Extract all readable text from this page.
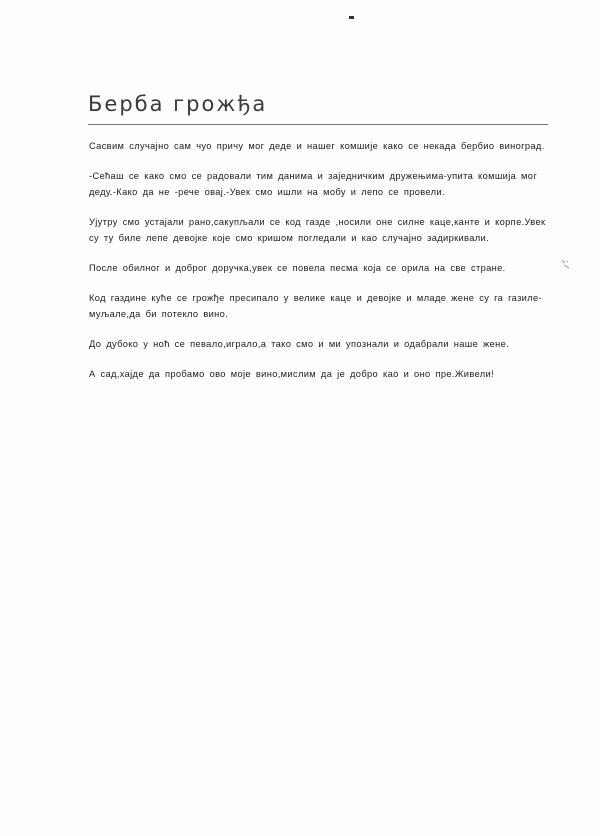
Берба грожђа

Сасвим случајно сам чуо причу мог деде и нашег комшије како се некада бербио виноград.

-Сећаш се како смо се радовали тим данима и заједничким дружењима-упита комшија мог деду.-Како да не -рече овај.-Увек смо ишли на мобу и лепо се провели.

Ујутру смо устајали рано,сакупљали се код газде ,носили оне силне каце,канте и корпе.Увек су ту биле лепе девојке које смо кришом погледали и као случајно задиркивали.

После обилног и доброг доручка,увек се повела песма која се орила на све стране.

Код газдине куће се грожђе пресипало у велике каце и девојке и младе жене су га газиле-муљале,да би потекло вино.

До дубоко у ноћ се певало,играло,а тако смо и ми упознали и одабрали наше жене.

А сад,хајде да пробамо ово моје вино,мислим да је добро као и оно пре.Живели!
